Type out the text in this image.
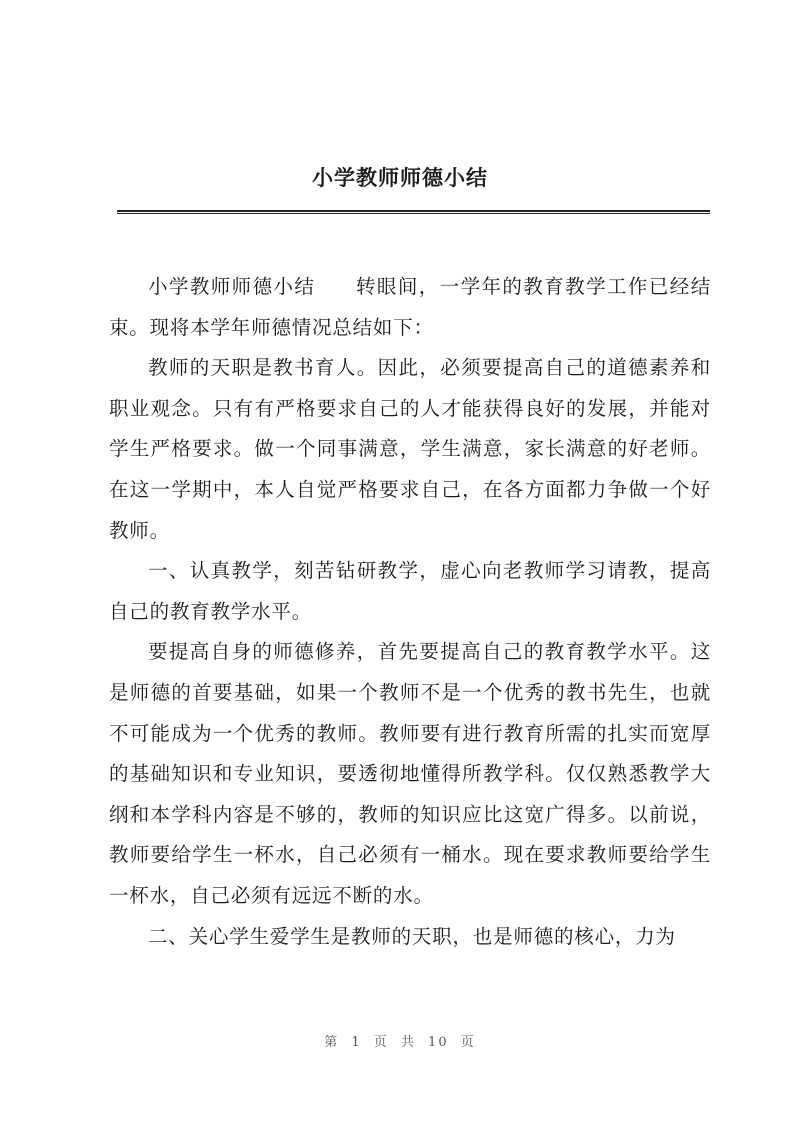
小学教师师德小结

小学教师师德小结 转眼间，一学年的教育教学工作已经结束。现将本学年师德情况总结如下：

教师的天职是教书育人。因此，必须要提高自己的道德素养和职业观念。只有有严格要求自己的人才能获得良好的发展，并能对学生严格要求。做一个同事满意，学生满意，家长满意的好老师。在这一学期中，本人自觉严格要求自己，在各方面都力争做一个好教师。

一、认真教学，刻苦钻研教学，虚心向老教师学习请教，提高自己的教育教学水平。

要提高自身的师德修养，首先要提高自己的教育教学水平。这是师德的首要基础，如果一个教师不是一个优秀的教书先生，也就不可能成为一个优秀的教师。教师要有进行教育所需的扎实而宽厚的基础知识和专业知识，要透彻地懂得所教学科。仅仅熟悉教学大纲和本学科内容是不够的，教师的知识应比这宽广得多。以前说，教师要给学生一杯水，自己必须有一桶水。现在要求教师要给学生一杯水，自己必须有远远不断的水。

二、关心学生爱学生是教师的天职，也是师德的核心，力为

第 1 页 共 10 页
